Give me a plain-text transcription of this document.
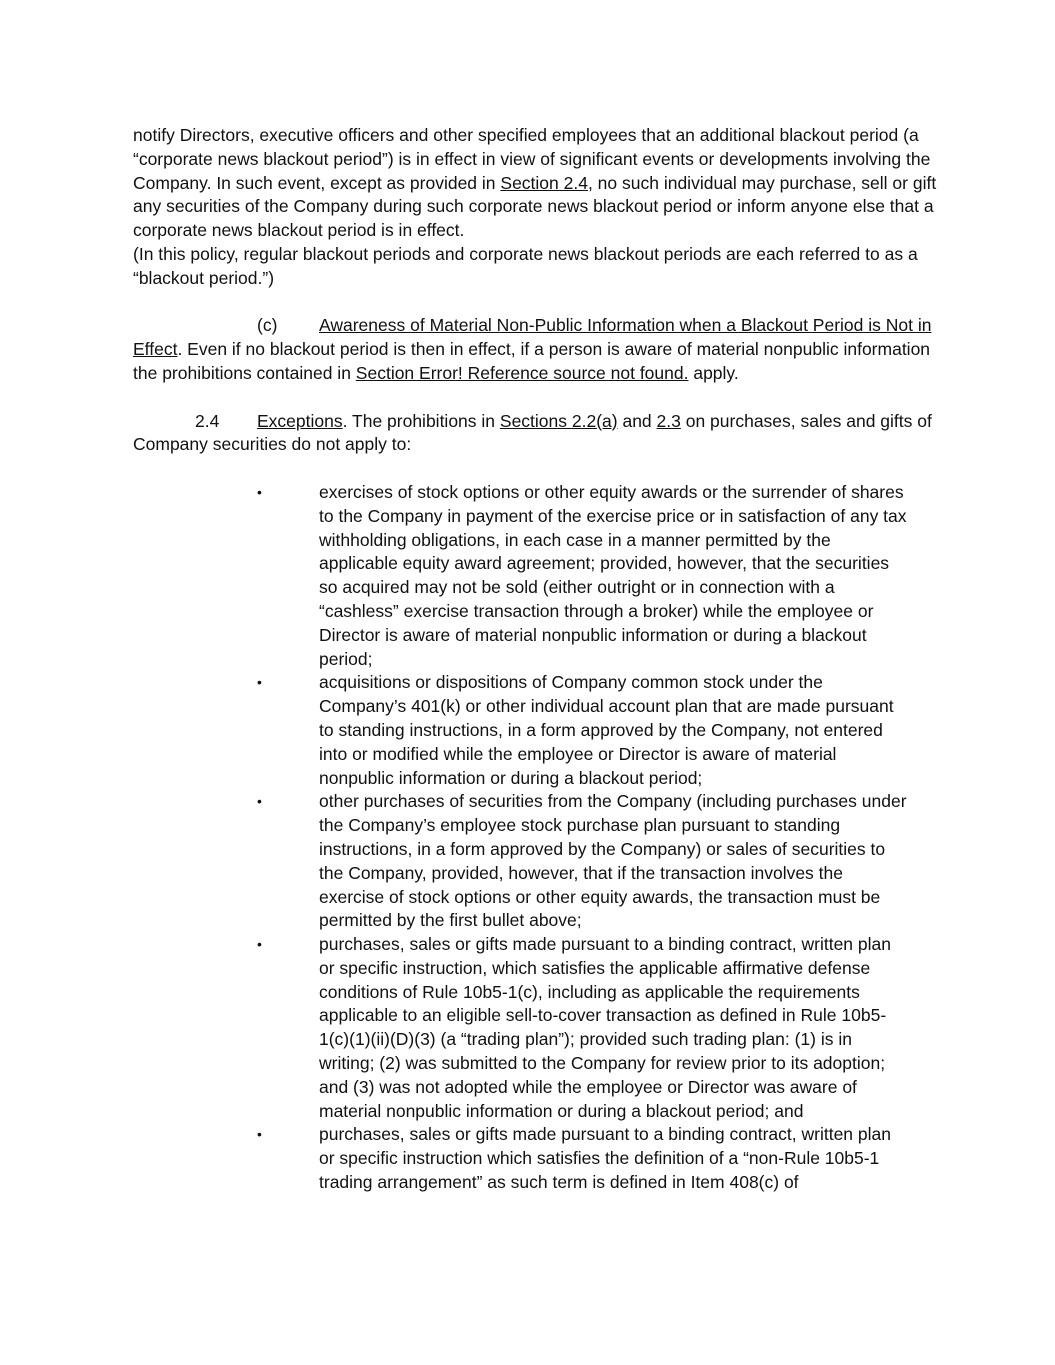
notify Directors, executive officers and other specified employees that an additional blackout period (a “corporate news blackout period”) is in effect in view of significant events or developments involving the Company. In such event, except as provided in Section 2.4, no such individual may purchase, sell or gift any securities of the Company during such corporate news blackout period or inform anyone else that a corporate news blackout period is in effect.

(In this policy, regular blackout periods and corporate news blackout periods are each referred to as a “blackout period.”)

(c) Awareness of Material Non-Public Information when a Blackout Period is Not in Effect. Even if no blackout period is then in effect, if a person is aware of material nonpublic information the prohibitions contained in Section Error! Reference source not found. apply.

2.4 Exceptions. The prohibitions in Sections 2.2(a) and 2.3 on purchases, sales and gifts of Company securities do not apply to:

•	exercises of stock options or other equity awards or the surrender of shares to the Company in payment of the exercise price or in satisfaction of any tax withholding obligations, in each case in a manner permitted by the applicable equity award agreement; provided, however, that the securities so acquired may not be sold (either outright or in connection with a “cashless” exercise transaction through a broker) while the employee or Director is aware of material nonpublic information or during a blackout period;
•	acquisitions or dispositions of Company common stock under the Company’s 401(k) or other individual account plan that are made pursuant to standing instructions, in a form approved by the Company, not entered into or modified while the employee or Director is aware of material nonpublic information or during a blackout period;
•	other purchases of securities from the Company (including purchases under the Company’s employee stock purchase plan pursuant to standing instructions, in a form approved by the Company) or sales of securities to the Company, provided, however, that if the transaction involves the exercise of stock options or other equity awards, the transaction must be permitted by the first bullet above;
•	purchases, sales or gifts made pursuant to a binding contract, written plan or specific instruction, which satisfies the applicable affirmative defense conditions of Rule 10b5-1(c), including as applicable the requirements applicable to an eligible sell-to-cover transaction as defined in Rule 10b5-1(c)(1)(ii)(D)(3) (a “trading plan”); provided such trading plan: (1) is in writing; (2) was submitted to the Company for review prior to its adoption; and (3) was not adopted while the employee or Director was aware of material nonpublic information or during a blackout period; and
•	purchases, sales or gifts made pursuant to a binding contract, written plan or specific instruction which satisfies the definition of a “non-Rule 10b5-1 trading arrangement” as such term is defined in Item 408(c) of
